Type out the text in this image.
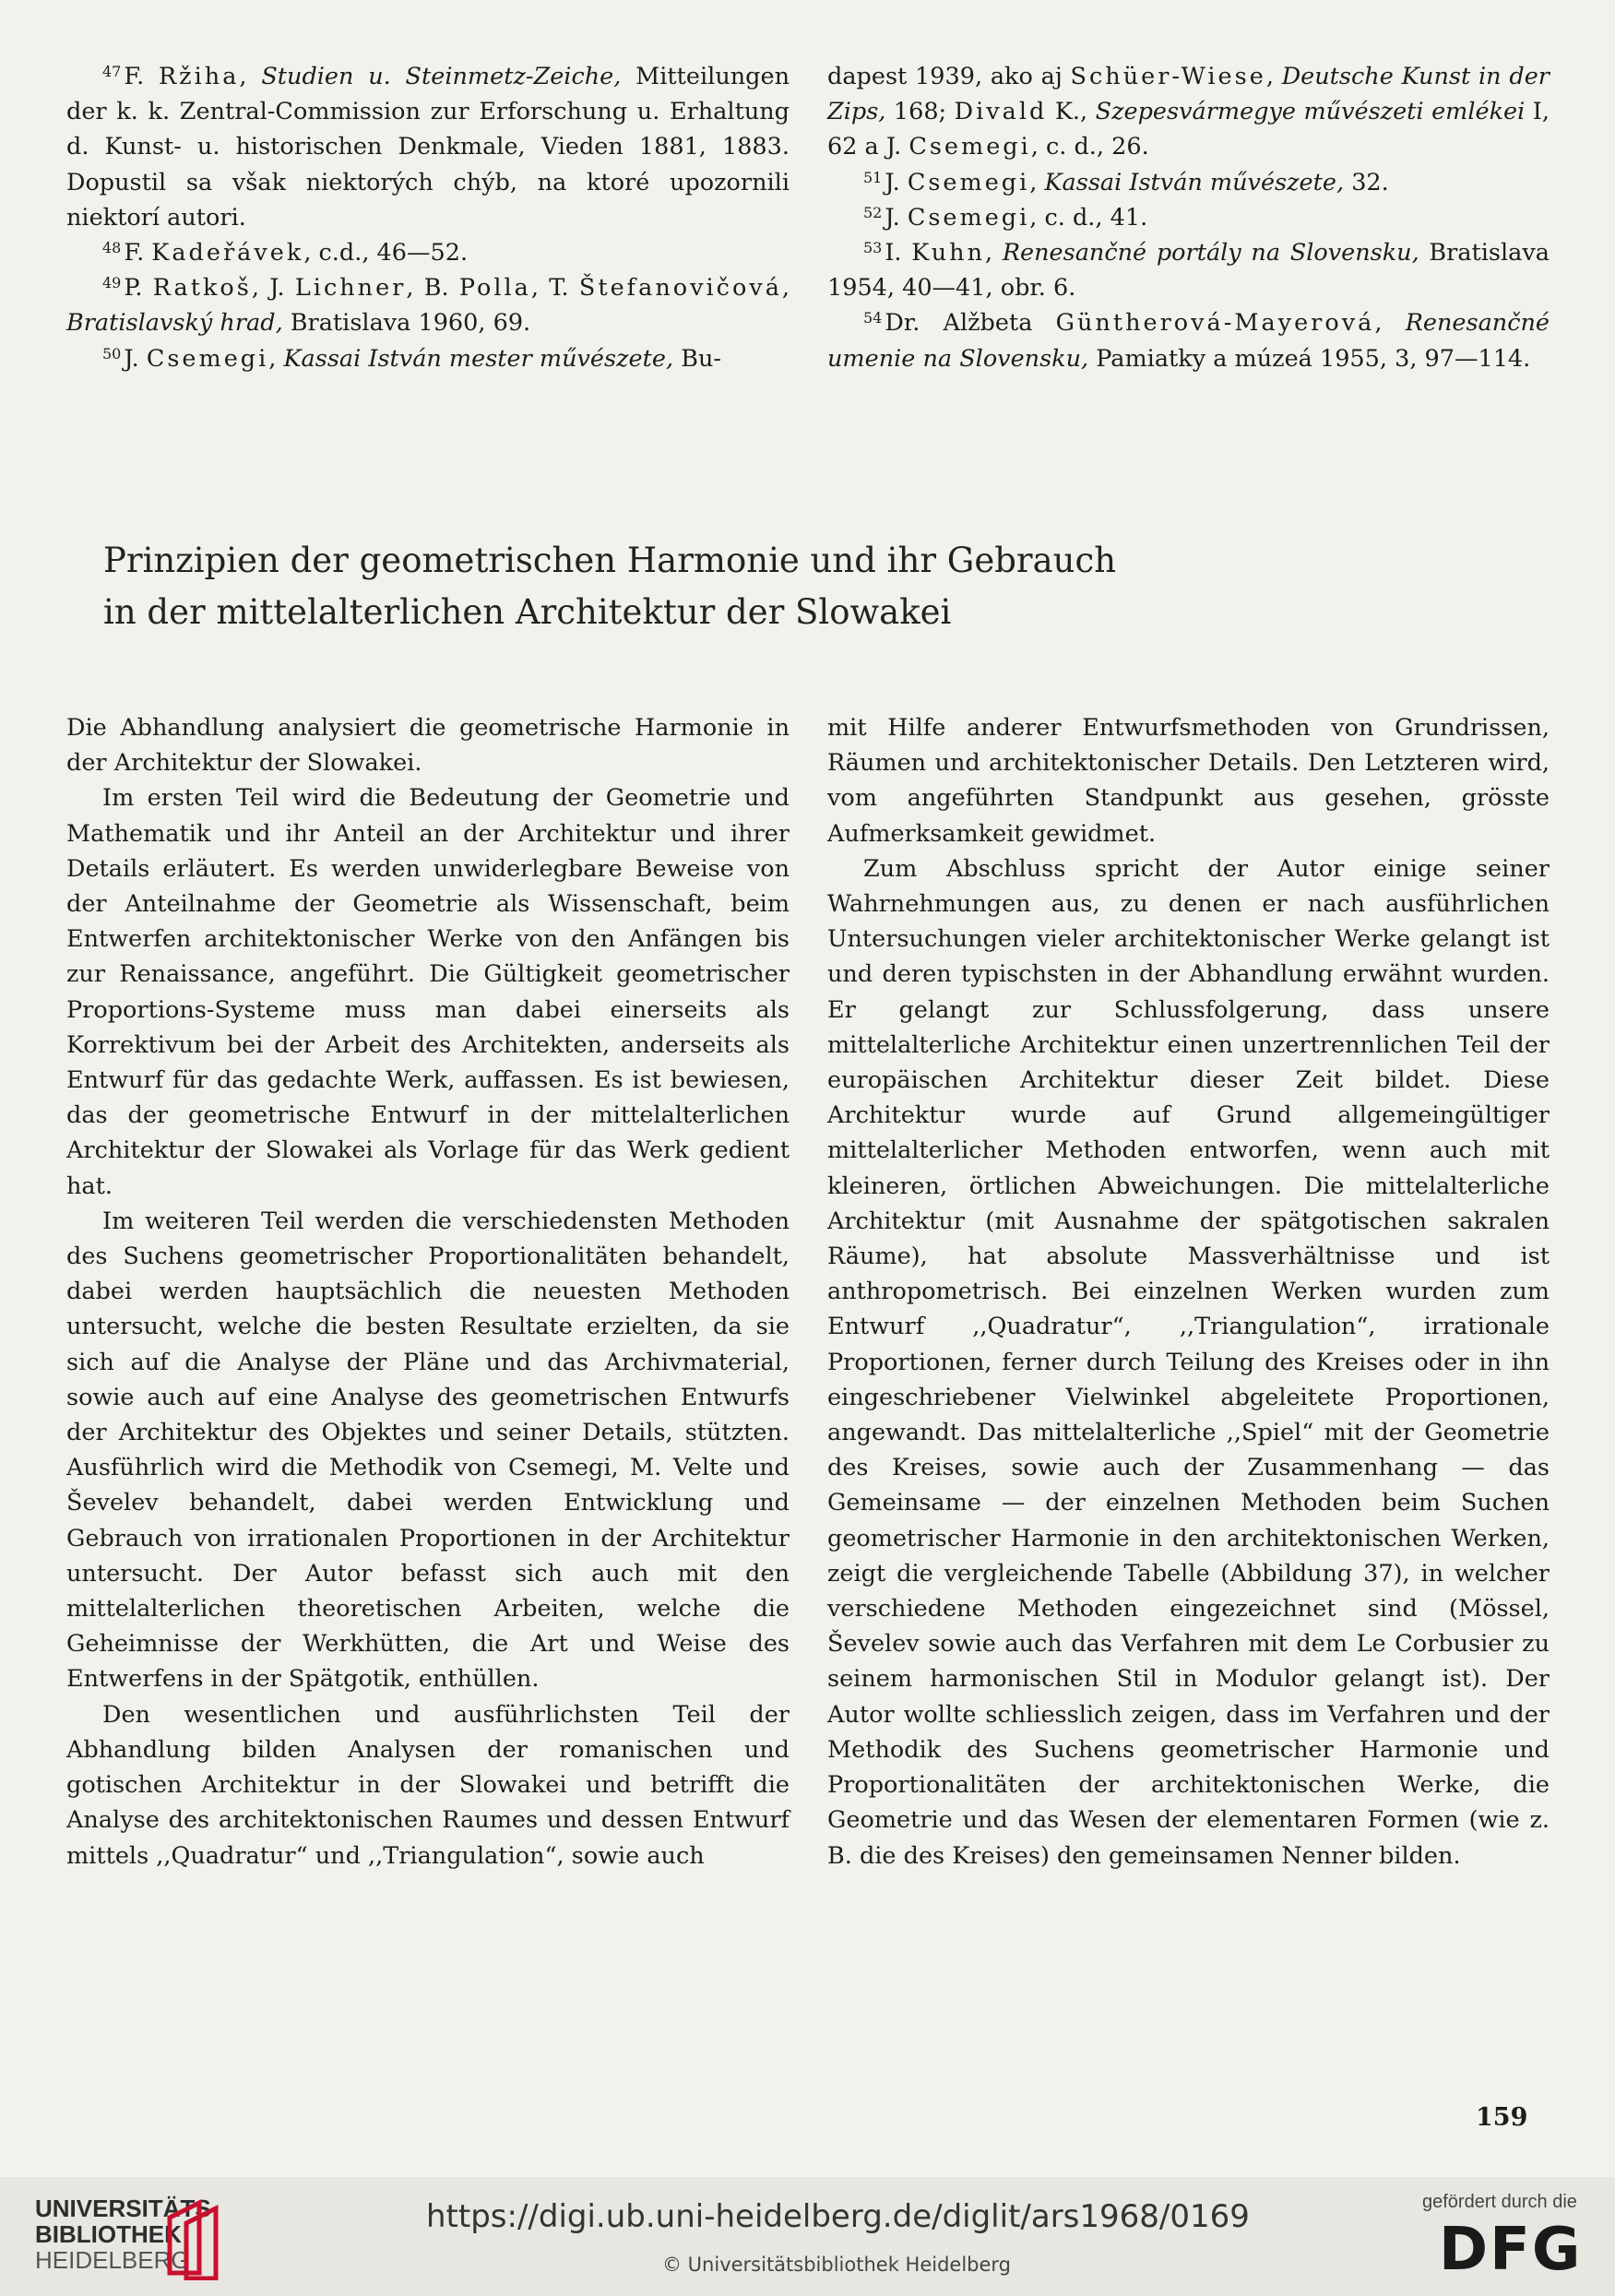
$^{47}$ F. Ržiha, Studien u. Steinmetz-Zeiche, Mitteilungen der k. k. Zentral-Commission zur Erforschung u. Erhaltung d. Kunst- u. historischen Denkmale, Vieden 1881, 1883. Dopustil sa však niektorých chýb, na ktoré upozornili niektorí autori.

$^{48}$ F. Kadeřávek, c.d., 46—52.

$^{49}$ P. Ratkoš, J. Lichner, B. Polla, T. Štefanovičová, Bratislavský hrad, Bratislava 1960, 69.

$^{50}$ J. Csemegi, Kassai István mester művészete, Bu-

dapest 1939, ako aj Schüer-Wiese, Deutsche Kunst in der Zips, 168; Divald K., Szepesvármegye művészeti emlékei I, 62 a J. Csemegi, c. d., 26.

$^{51}$ J. Csemegi, Kassai István művészete, 32.

$^{52}$ J. Csemegi, c. d., 41.

$^{53}$ I. Kuhn, Renesančné portály na Slovensku, Bratislava 1954, 40—41, obr. 6.

$^{54}$ Dr. Alžbeta Güntherová-Mayerová, Renesančné umenie na Slovensku, Pamiatky a múzeá 1955, 3, 97—114.

Prinzipien der geometrischen Harmonie und ihr Gebrauch
in der mittelalterlichen Architektur der Slowakei

Die Abhandlung analysiert die geometrische Harmonie in der Architektur der Slowakei.

Im ersten Teil wird die Bedeutung der Geometrie und Mathematik und ihr Anteil an der Architektur und ihrer Details erläutert. Es werden unwiderlegbare Beweise von der Anteilnahme der Geometrie als Wissenschaft, beim Entwerfen architektonischer Werke von den Anfängen bis zur Renaissance, angeführt. Die Gültigkeit geometrischer Proportions-Systeme muss man dabei einerseits als Korrektivum bei der Arbeit des Architekten, anderseits als Entwurf für das gedachte Werk, auffassen. Es ist bewiesen, das der geometrische Entwurf in der mittelalterlichen Architektur der Slowakei als Vorlage für das Werk gedient hat.

Im weiteren Teil werden die verschiedensten Methoden des Suchens geometrischer Proportionalitäten behandelt, dabei werden hauptsächlich die neuesten Methoden untersucht, welche die besten Resultate erzielten, da sie sich auf die Analyse der Pläne und das Archivmaterial, sowie auch auf eine Analyse des geometrischen Entwurfs der Architektur des Objektes und seiner Details, stützten. Ausführlich wird die Methodik von Csemegi, M. Velte und Ševelev behandelt, dabei werden Entwicklung und Gebrauch von irrationalen Proportionen in der Architektur untersucht. Der Autor befasst sich auch mit den mittelalterlichen theoretischen Arbeiten, welche die Geheimnisse der Werkhütten, die Art und Weise des Entwerfens in der Spätgotik, enthüllen.

Den wesentlichen und ausführlichsten Teil der Abhandlung bilden Analysen der romanischen und gotischen Architektur in der Slowakei und betrifft die Analyse des architektonischen Raumes und dessen Entwurf mittels ,,Quadratur“ und ,,Triangulation“, sowie auch

mit Hilfe anderer Entwurfsmethoden von Grundrissen, Räumen und architektonischer Details. Den Letzteren wird, vom angeführten Standpunkt aus gesehen, grösste Aufmerksamkeit gewidmet.

Zum Abschluss spricht der Autor einige seiner Wahrnehmungen aus, zu denen er nach ausführlichen Untersuchungen vieler architektonischer Werke gelangt ist und deren typischsten in der Abhandlung erwähnt wurden. Er gelangt zur Schlussfolgerung, dass unsere mittelalterliche Architektur einen unzertrennlichen Teil der europäischen Architektur dieser Zeit bildet. Diese Architektur wurde auf Grund allgemeingültiger mittelalterlicher Methoden entworfen, wenn auch mit kleineren, örtlichen Abweichungen. Die mittelalterliche Architektur (mit Ausnahme der spätgotischen sakralen Räume), hat absolute Massverhältnisse und ist anthropometrisch. Bei einzelnen Werken wurden zum Entwurf ,,Quadratur“, ,,Triangulation“, irrationale Proportionen, ferner durch Teilung des Kreises oder in ihn eingeschriebener Vielwinkel abgeleitete Proportionen, angewandt. Das mittelalterliche ,,Spiel“ mit der Geometrie des Kreises, sowie auch der Zusammenhang — das Gemeinsame — der einzelnen Methoden beim Suchen geometrischer Harmonie in den architektonischen Werken, zeigt die vergleichende Tabelle (Abbildung 37), in welcher verschiedene Methoden eingezeichnet sind (Mössel, Ševelev sowie auch das Verfahren mit dem Le Corbusier zu seinem harmonischen Stil in Modulor gelangt ist). Der Autor wollte schliesslich zeigen, dass im Verfahren und der Methodik des Suchens geometrischer Harmonie und Proportionalitäten der architektonischen Werke, die Geometrie und das Wesen der elementaren Formen (wie z. B. die des Kreises) den gemeinsamen Nenner bilden.

159
UNIVERSITÄTS-
BIBLIOTHEK
HEIDELBERG
https://digi.ub.uni-heidelberg.de/diglit/ars1968/0169
© Universitätsbibliothek Heidelberg
gefördert durch die
DFG
